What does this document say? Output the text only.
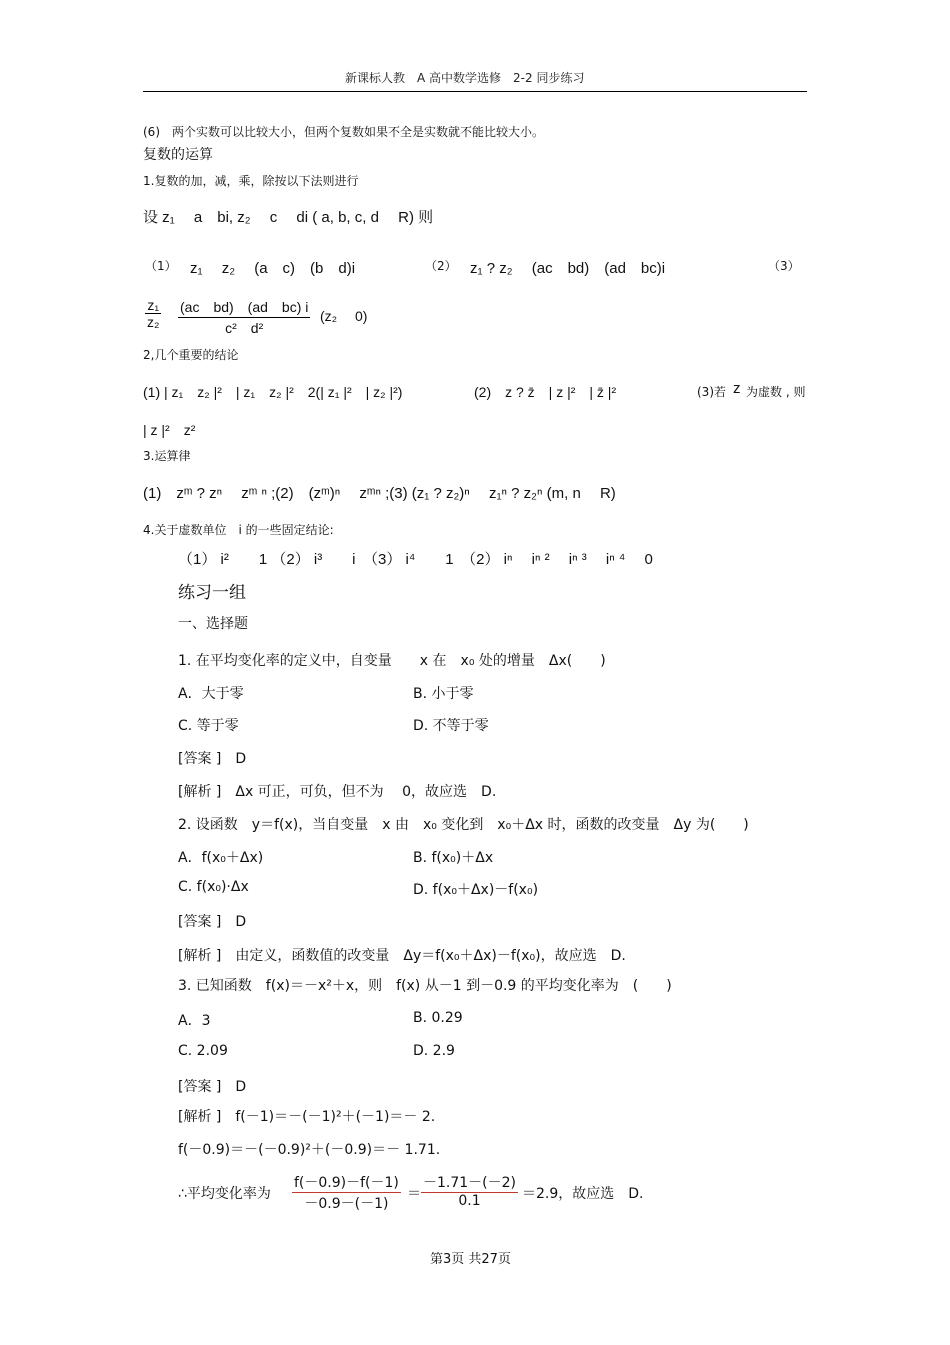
新课标人教　A 高中数学选修　2-2 同步练习
(6)　两个实数可以比较大小，但两个复数如果不全是实数就不能比较大小。
复数的运算
1.复数的加，减，乘，除按以下法则进行
设 z₁　 a　bi, z₂　 c　 di ( a, b, c, d　 R) 则
（1） z₁　 z₂　 (a　c)　(b　d)i	（2） z₁ ? z₂　 (ac　bd)　(ad　bc)i	（3）
z₁
z₂
(ac　bd)　(ad　bc) i
c²　d²
(z₂　 0)
2,几个重要的结论
(1) | z₁　z₂ |²　| z₁　z₂ |²　2(| z₁ |²　| z₂ |²)	(2)　z ? z̄　| z |²　| z̄ |²	(3)若 z 为虚数 , 则
| z |²　z²
3.运算律
(1)　zᵐ ? zⁿ　 zᵐ ⁿ ;(2)　(zᵐ)ⁿ　 zᵐⁿ ;(3) (z₁ ? z₂)ⁿ　 z₁ⁿ ? z₂ⁿ (m, n　 R)
4.关于虚数单位　i 的一些固定结论:
（1） i²　　1 （2） i³　　i　（3） i⁴　　1　（2） iⁿ　 iⁿ ²　 iⁿ ³　 iⁿ ⁴　 0
练习一组
一、选择题
1. 在平均变化率的定义中，自变量　　x 在　x₀ 处的增量　Δx(　　)
A．大于零	B. 小于零
C. 等于零	D. 不等于零
[答案 ]　D
[解析 ]　Δx 可正，可负，但不为　 0，故应选　D.
2. 设函数　y＝f(x)，当自变量　x 由　x₀ 变化到　x₀＋Δx 时，函数的改变量　Δy 为(　　)
A．f(x₀＋Δx)	B. f(x₀)＋Δx
C. f(x₀)·Δx	D. f(x₀＋Δx)－f(x₀)
[答案 ]　D
[解析 ]　由定义，函数值的改变量　Δy＝f(x₀＋Δx)－f(x₀)，故应选　D.
3. 已知函数　f(x)＝－x²＋x，则　f(x) 从－1 到－0.9 的平均变化率为　(　　)
A．3	B. 0.29
C. 2.09	D. 2.9
[答案 ]　D
[解析 ]　f(－1)＝－(－1)²＋(－1)＝－ 2.
f(－0.9)＝－(－0.9)²＋(－0.9)＝－ 1.71.
∴平均变化率为
f(－0.9)－f(－1)
－0.9－(－1)
＝
－1.71－(－2)
0.1	＝2.9，故应选　D.
第3页 共27页
